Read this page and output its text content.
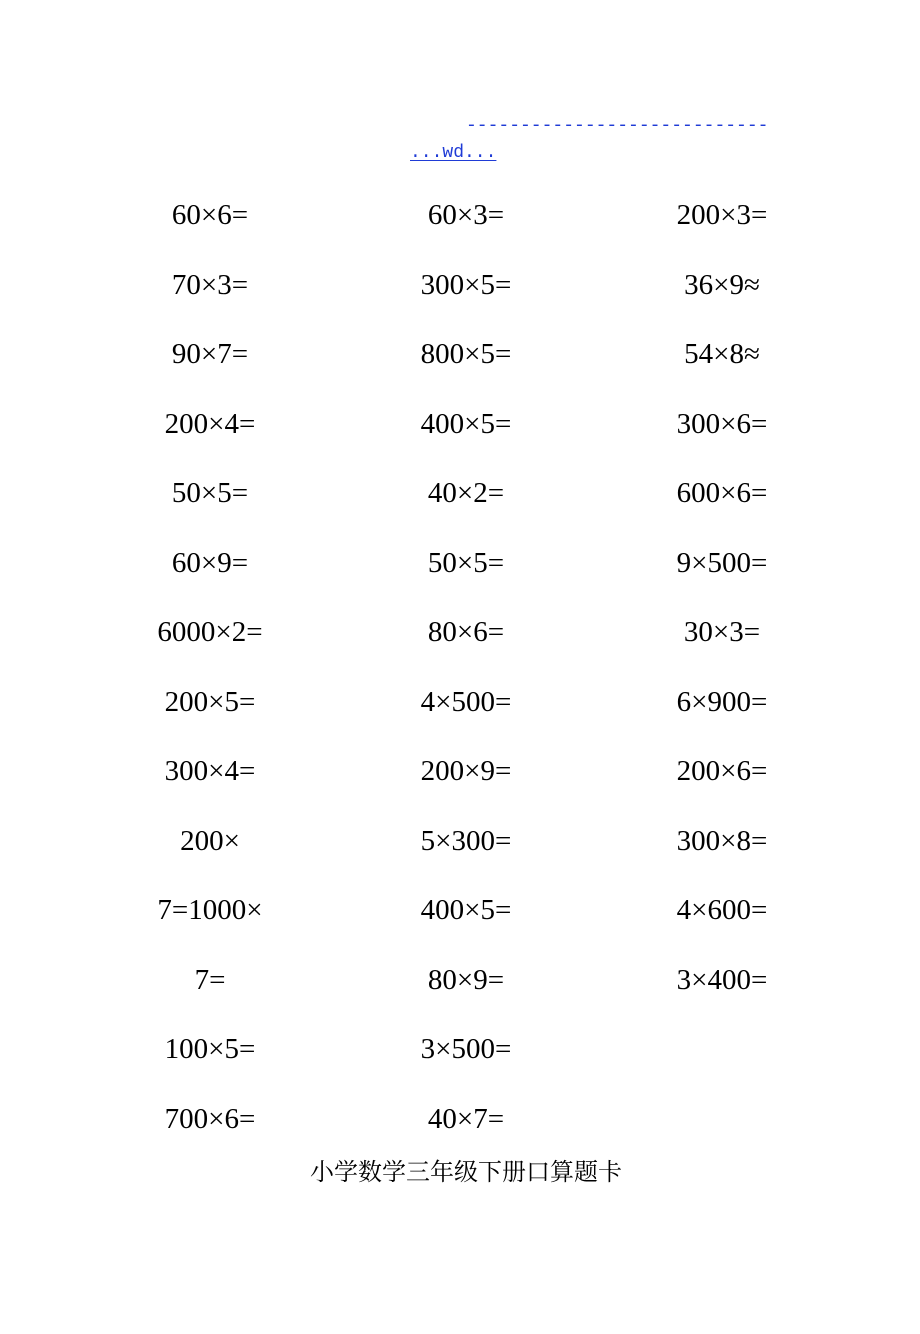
----------------------------
...wd...
60×6=
70×3=
90×7=
200×4=
50×5=
60×9=
6000×2=
200×5=
300×4=
200×
7=1000×
7=
100×5=
700×6=
60×3=
300×5=
800×5=
400×5=
40×2=
50×5=
80×6=
4×500=
200×9=
5×300=
400×5=
80×9=
3×500=
40×7=
200×3=
36×9≈
54×8≈
300×6=
600×6=
9×500=
30×3=
6×900=
200×6=
300×8=
4×600=
3×400=
小学数学三年级下册口算题卡
